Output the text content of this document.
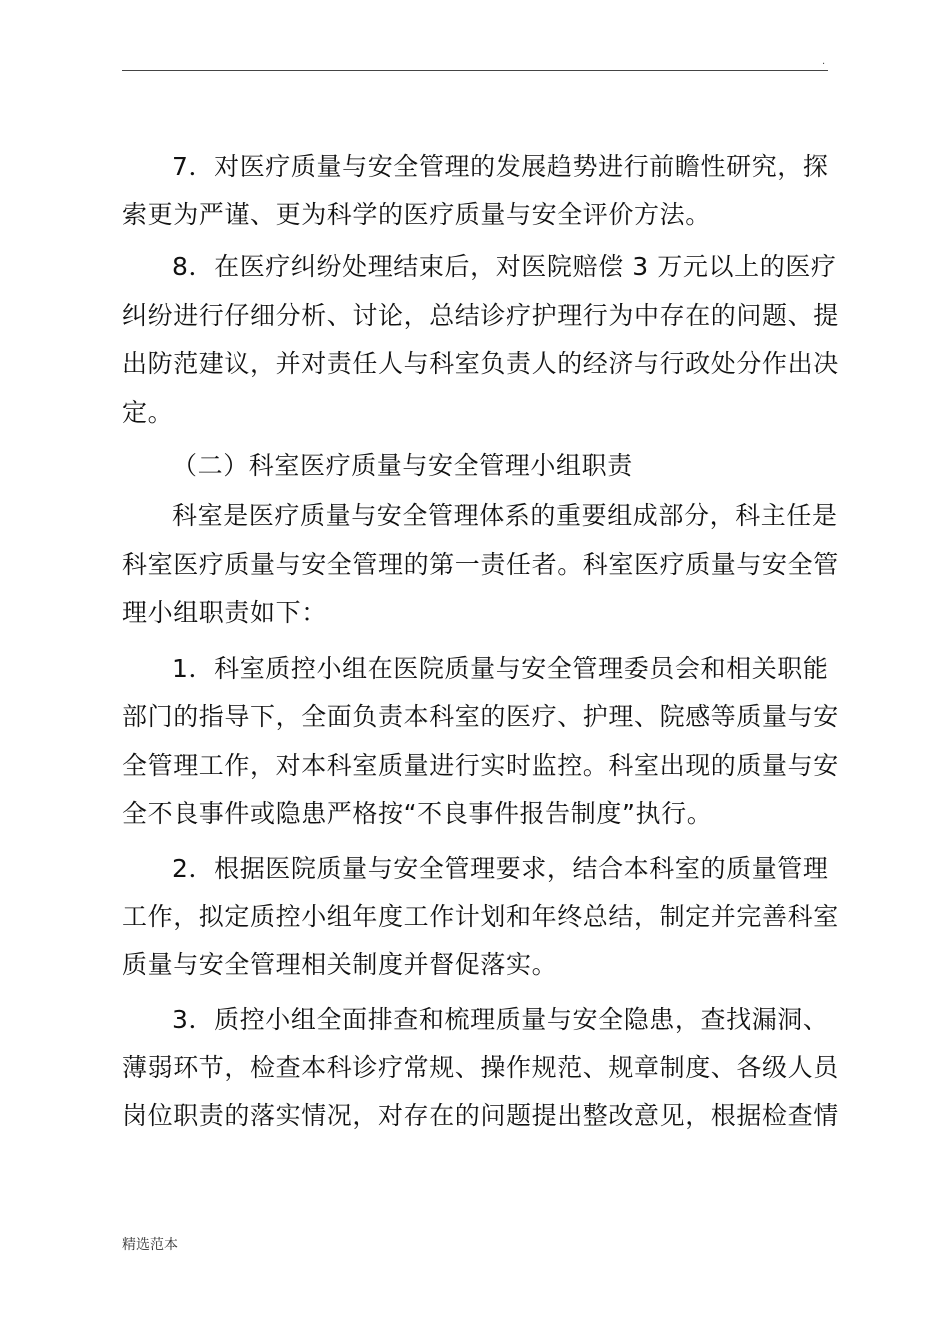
.
7．对医疗质量与安全管理的发展趋势进行前瞻性研究，探
索更为严谨、更为科学的医疗质量与安全评价方法。
8．在医疗纠纷处理结束后，对医院赔偿 3 万元以上的医疗
纠纷进行仔细分析、讨论，总结诊疗护理行为中存在的问题、提
出防范建议，并对责任人与科室负责人的经济与行政处分作出决
定。
（二）科室医疗质量与安全管理小组职责
科室是医疗质量与安全管理体系的重要组成部分，科主任是
科室医疗质量与安全管理的第一责任者。科室医疗质量与安全管
理小组职责如下：
1．科室质控小组在医院质量与安全管理委员会和相关职能
部门的指导下，全面负责本科室的医疗、护理、院感等质量与安
全管理工作，对本科室质量进行实时监控。科室出现的质量与安
全不良事件或隐患严格按“不良事件报告制度”执行。
2．根据医院质量与安全管理要求，结合本科室的质量管理
工作，拟定质控小组年度工作计划和年终总结，制定并完善科室
质量与安全管理相关制度并督促落实。
3．质控小组全面排查和梳理质量与安全隐患，查找漏洞、
薄弱环节，检查本科诊疗常规、操作规范、规章制度、各级人员
岗位职责的落实情况，对存在的问题提出整改意见，根据检查情
精选范本
